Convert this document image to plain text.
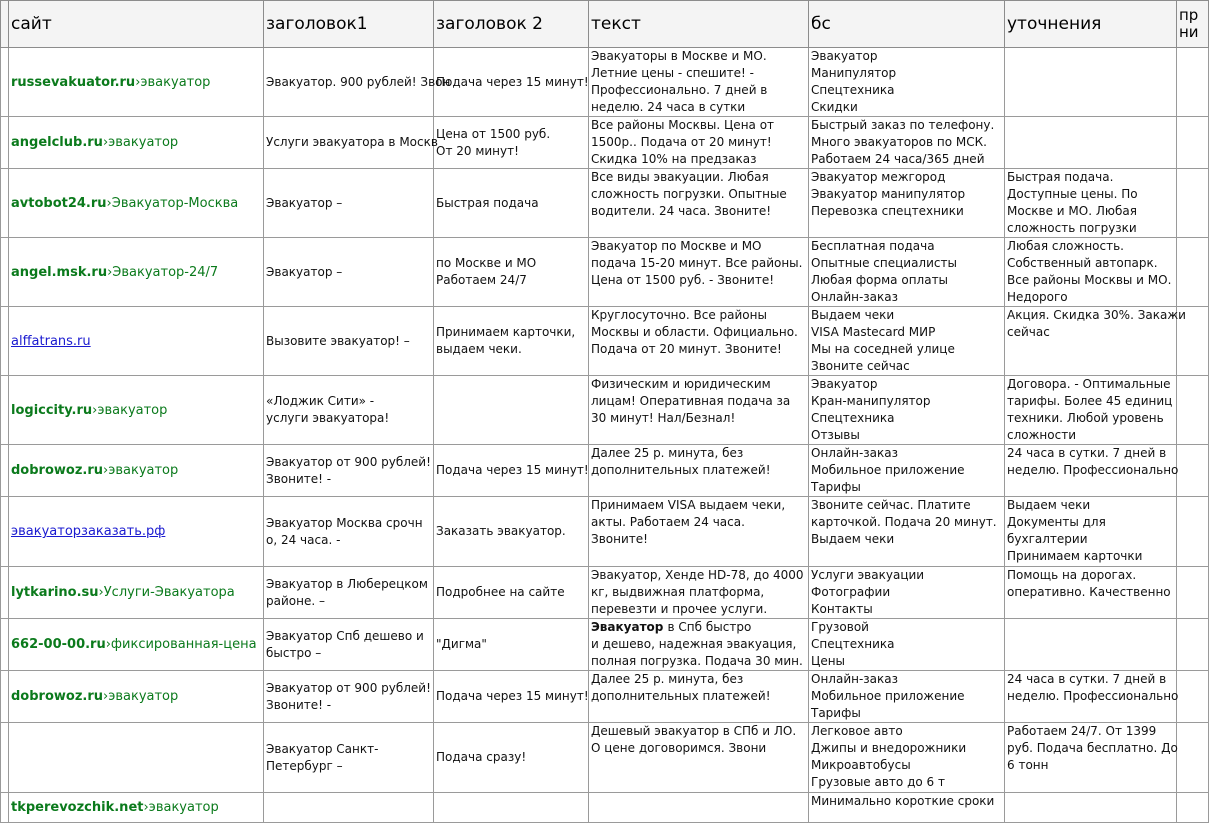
	сайт	заголовок1	заголовок 2	текст	бс	уточнения	пр
ни
	russevakuator.ru›эвакуатор	Эвакуатор. 900 рублей! Звон	Подача через 15 минут!	Эвакуаторы в Москве и МО.
Летние цены - спешите! -
Профессионально. 7 дней в
неделю. 24 часа в сутки	Эвакуатор
Манипулятор
Спецтехника
Скидки		

	angelclub.ru›эвакуатор	Услуги эвакуатора в Москв	Цена от 1500 руб.
От 20 минут!	Все районы Москвы. Цена от
1500р.. Подача от 20 минут!
Скидка 10% на предзаказ	Быстрый заказ по телефону.
Много эвакуаторов по МСК.
Работаем 24 часа/365 дней		

	avtobot24.ru›Эвакуатор-Москва	Эвакуатор –	Быстрая подача	Все виды эвакуации. Любая
сложность погрузки. Опытные
водители. 24 часа. Звоните!	Эвакуатор межгород
Эвакуатор манипулятор
Перевозка спецтехники	Быстрая подача.
Доступные цены. По
Москве и МО. Любая
сложность погрузки	

	angel.msk.ru›Эвакуатор-24/7	Эвакуатор –	по Москве и МО
Работаем 24/7	Эвакуатор по Москве и МО
подача 15-20 минут. Все районы.
Цена от 1500 руб. - Звоните!	Бесплатная подача
Опытные специалисты
Любая форма оплаты
Онлайн-заказ	Любая сложность.
Собственный автопарк.
Все районы Москвы и МО.
Недорого	

	alffatrans.ru	Вызовите эвакуатор! –	Принимаем карточки,
выдаем чеки.	Круглосуточно. Все районы
Москвы и области. Официально.
Подача от 20 минут. Звоните!	Выдаем чеки
VISA Mastecard МИР
Мы на соседней улице
Звоните сейчас	Акция. Скидка 30%. Закажи
сейчас	

	logiccity.ru›эвакуатор	«Лоджик Сити» -
услуги эвакуатора!		Физическим и юридическим
лицам! Оперативная подача за
30 минут! Нал/Безнал!	Эвакуатор
Кран-манипулятор
Спецтехника
Отзывы	Договора. - Оптимальные
тарифы. Более 45 единиц
техники. Любой уровень
сложности	

	dobrowoz.ru›эвакуатор	Эвакуатор от 900 рублей!
Звоните! -	Подача через 15 минут!	Далее 25 р. минута, без
дополнительных платежей!	Онлайн-заказ
Мобильное приложение
Тарифы	24 часа в сутки. 7 дней в
неделю. Профессионально	

	эвакуаторзаказать.рф	Эвакуатор Москва срочн
о, 24 часа. -	Заказать эвакуатор.	Принимаем VISA выдаем чеки,
акты. Работаем 24 часа.
Звоните!	Звоните сейчас. Платите
карточкой. Подача 20 минут.
Выдаем чеки	Выдаем чеки
Документы для
бухгалтерии
Принимаем карточки	

	lytkarino.su›Услуги-Эвакуатора	Эвакуатор в Люберецком
районе. –	Подробнее на сайте	Эвакуатор, Хенде HD-78, до 4000
кг, выдвижная платформа,
перевезти и прочее услуги.	Услуги эвакуации
Фотографии
Контакты	Помощь на дорогах.
оперативно. Качественно	

	662-00-00.ru›фиксированная-цена	Эвакуатор Спб дешево и
быстро –	"Дигма"	Эвакуатор в Спб быстро
и дешево, надежная эвакуация,
полная погрузка. Подача 30 мин.	Грузовой
Спецтехника
Цены		

	dobrowoz.ru›эвакуатор	Эвакуатор от 900 рублей!
Звоните! -	Подача через 15 минут!	Далее 25 р. минута, без
дополнительных платежей!	Онлайн-заказ
Мобильное приложение
Тарифы	24 часа в сутки. 7 дней в
неделю. Профессионально	

		Эвакуатор Санкт-
Петербург –	Подача сразу!	Дешевый эвакуатор в СПб и ЛО.
О цене договоримся. Звони	Легковое авто
Джипы и внедорожники
Микроавтобусы
Грузовые авто до 6 т	Работаем 24/7. От 1399
руб. Подача бесплатно. До
6 тонн	

	tkperevozchik.net›эвакуатор				Минимально короткие сроки		
